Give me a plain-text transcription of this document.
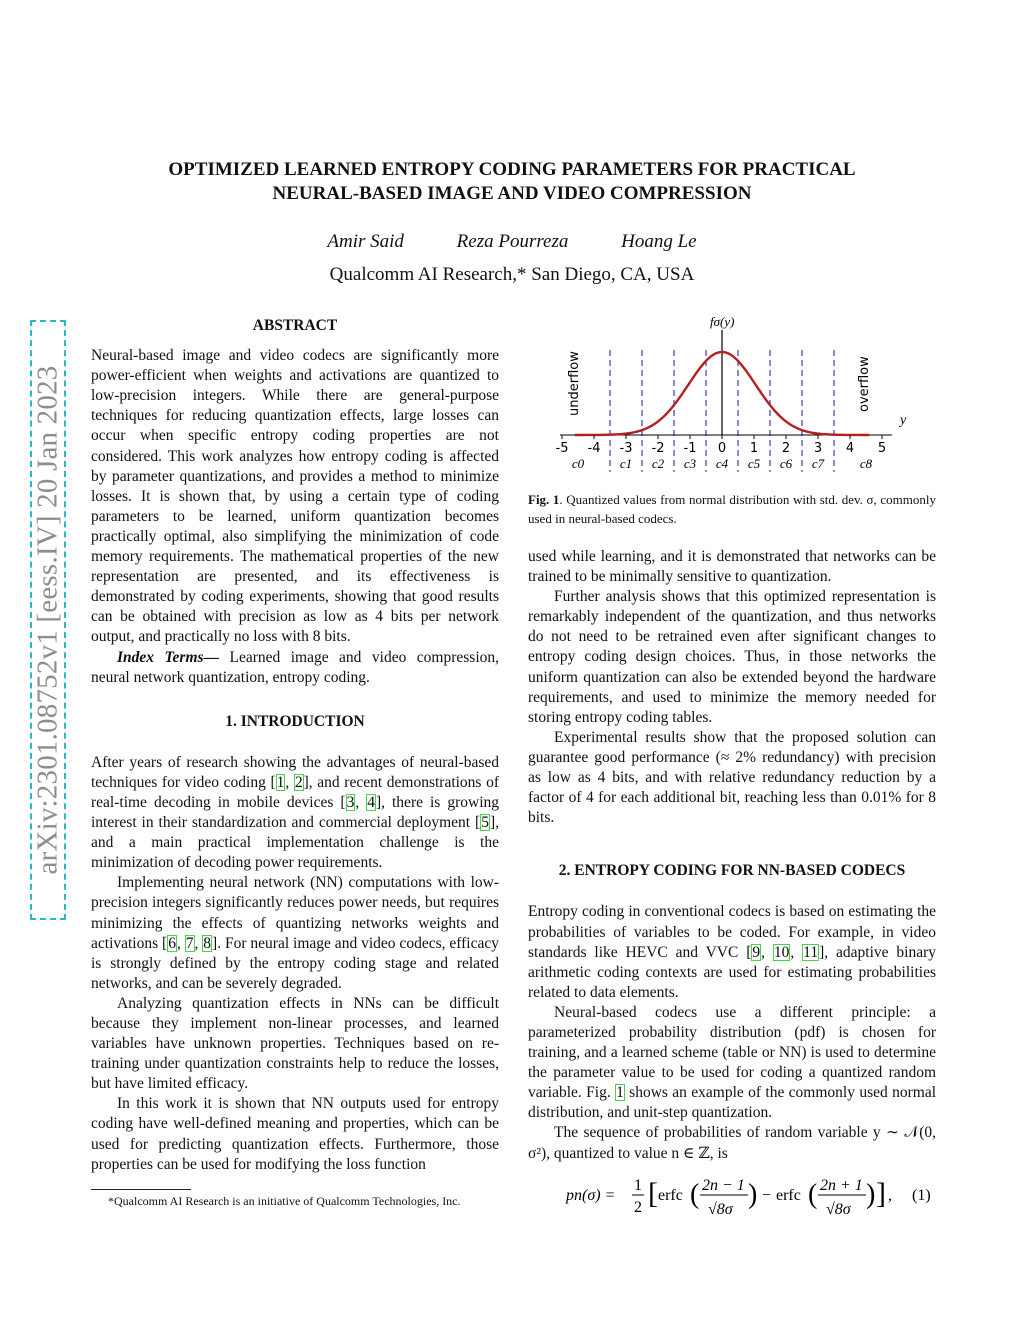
arXiv:2301.08752v1 [eess.IV] 20 Jan 2023
OPTIMIZED LEARNED ENTROPY CODING PARAMETERS FOR PRACTICAL
NEURAL-BASED IMAGE AND VIDEO COMPRESSION
Amir Said	Reza Pourreza	Hoang Le
Qualcomm AI Research,* San Diego, CA, USA
ABSTRACT

Neural-based image and video codecs are significantly more power-efficient when weights and activations are quantized to low-precision integers. While there are general-purpose techniques for reducing quantization effects, large losses can occur when specific entropy coding properties are not considered. This work analyzes how entropy coding is affected by parameter quantizations, and provides a method to minimize losses. It is shown that, by using a certain type of coding parameters to be learned, uniform quantization becomes practically optimal, also simplifying the minimization of code memory requirements. The mathematical properties of the new representation are presented, and its effectiveness is demonstrated by coding experiments, showing that good results can be obtained with precision as low as 4 bits per network output, and practically no loss with 8 bits.

Index Terms— Learned image and video compression, neural network quantization, entropy coding.

1. INTRODUCTION

After years of research showing the advantages of neural-based techniques for video coding [1, 2], and recent demonstrations of real-time decoding in mobile devices [3, 4], there is growing interest in their standardization and commercial deployment [5], and a main practical implementation challenge is the minimization of decoding power requirements.

Implementing neural network (NN) computations with low-precision integers significantly reduces power needs, but requires minimizing the effects of quantizing networks weights and activations [6, 7, 8]. For neural image and video codecs, efficacy is strongly defined by the entropy coding stage and related networks, and can be severely degraded.

Analyzing quantization effects in NNs can be difficult because they implement non-linear processes, and learned variables have unknown properties. Techniques based on re-training under quantization constraints help to reduce the losses, but have limited efficacy.

In this work it is shown that NN outputs used for entropy coding have well-defined meaning and properties, which can be used for predicting quantization effects. Furthermore, those properties can be used for modifying the loss function

*Qualcomm AI Research is an initiative of Qualcomm Technologies, Inc.
fσ(y)
y
underflow	overflow
-5 -4 -3 -2 -1 0 1 2 3 4 5
c0	c1 c2 c3 c4 c5 c6 c7	c8
Fig. 1. Quantized values from normal distribution with std. dev. σ, commonly used in neural-based codecs.

used while learning, and it is demonstrated that networks can be trained to be minimally sensitive to quantization.

Further analysis shows that this optimized representation is remarkably independent of the quantization, and thus networks do not need to be retrained even after significant changes to entropy coding design choices. Thus, in those networks the uniform quantization can also be extended beyond the hardware requirements, and used to minimize the memory needed for storing entropy coding tables.

Experimental results show that the proposed solution can guarantee good performance (≈ 2% redundancy) with precision as low as 4 bits, and with relative redundancy reduction by a factor of 4 for each additional bit, reaching less than 0.01% for 8 bits.

2. ENTROPY CODING FOR NN-BASED CODECS

Entropy coding in conventional codecs is based on estimating the probabilities of variables to be coded. For example, in video standards like HEVC and VVC [9, 10, 11], adaptive binary arithmetic coding contexts are used for estimating probabilities related to data elements.

Neural-based codecs use a different principle: a parameterized probability distribution (pdf) is chosen for training, and a learned scheme (table or NN) is used to determine the parameter value to be used for coding a quantized random variable. Fig. 1 shows an example of the commonly used normal distribution, and unit-step quantization.

The sequence of probabilities of random variable y ∼ 𝒩(0, σ²), quantized to value n ∈ ℤ, is

pn(σ) =
1
2 [ erfc ( 2n − 1
√8σ ) − erfc ( 2n + 1
√8σ ) ] , (1)
